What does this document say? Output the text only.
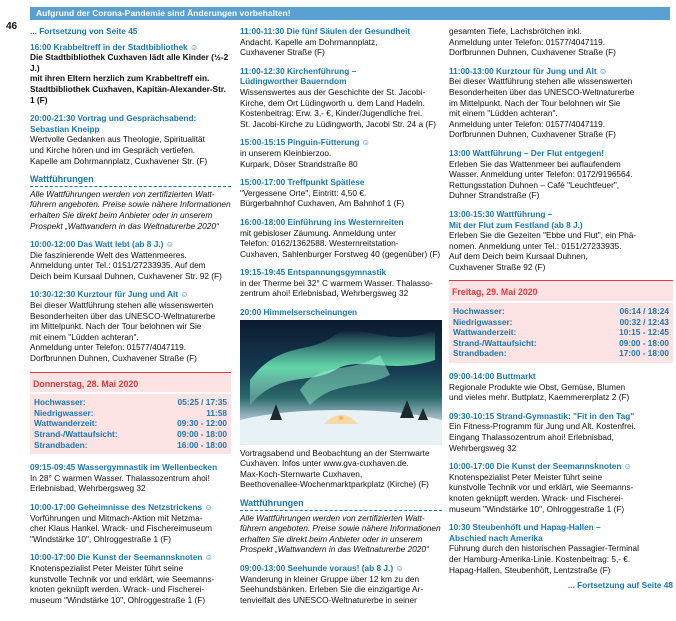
46
Aufgrund der Corona-Pandemie sind Änderungen vorbehalten!

... Fortsetzung von Seite 45

16:00 Krabbeltreff in der Stadtbibliothek ☺

Die Stadtbibliothek Cuxhaven lädt alle Kinder (½-2 J.)

mit ihren Eltern herzlich zum Krabbeltreff ein.

Stadtbibliothek Cuxhaven, Kapitän-Alexander-Str. 1 (F)

20:00-21:30 Vortrag und Gesprächsabend:

Sebastian Kneipp

Wertvolle Gedanken aus Theologie, Spiritualität

und Kirche hören und im Gespräch vertiefen.

Kapelle am Dohrmannplatz, Cuxhavener Str. (F)

Wattführungen

Alle Wattführungen werden von zertifizierten Watt-

führern angeboten. Preise sowie nähere Informationen

erhalten Sie direkt beim Anbieter oder in unserem

Prospekt „Wattwandern in das Weltnaturerbe 2020“

10:00-12:00 Das Watt lebt (ab 8 J.) ☺

Die faszinierende Welt des Wattenmeeres.

Anmeldung unter Tel.: 0151/27233935. Auf dem

Deich beim Kursaal Duhnen, Cuxhavener Str. 92 (F)

10:30-12:30 Kurztour für Jung und Alt ☺

Bei dieser Wattführung stehen alle wissenswerten

Besonderheiten über das UNESCO-Weltnaturerbe

im Mittelpunkt. Nach der Tour belohnen wir Sie

mit einem "Lüdden achteran".

Anmeldung unter Telefon: 01577/4047119.

Dorfbrunnen Duhnen, Cuxhavener Straße (F)

Donnerstag, 28. Mai 2020
Hochwasser:	05:25 / 17:35
Niedrigwasser:	11:58
Wattwanderzeit:	09:30 - 12:00
Strand-/Wattaufsicht:	09:00 - 18:00
Strandbaden:	16:00 - 18:00

09:15-09:45 Wassergymnastik im Wellenbecken

In 28° C warmen Wasser. Thalassozentrum ahoi!

Erlebnisbad, Wehrbergsweg 32

10:00-17:00 Geheimnisse des Netzstrickens ☺

Vorführungen und Mitmach-Aktion mit Netzma-

cher Klaus Hankel. Wrack- und Fischereimuseum

"Windstärke 10", Ohlroggestraße 1 (F)

10:00-17:00 Die Kunst der Seemannsknoten ☺

Knotenspezialist Peter Meister führt seine

kunstvolle Technik vor und erklärt, wie Seemanns-

knoten geknüpft werden. Wrack- und Fischerei-

museum "Windstärke 10", Ohlroggestraße 1 (F)

11:00-11:30 Die fünf Säulen der Gesundheit

Andacht. Kapelle am Dohrmannplatz,

Cuxhavener Straße (F)

11:00-12:30 Kirchenführung –

Lüdingworther Bauerndom

Wissenswertes aus der Geschichte der St. Jacobi-

Kirche, dem Ort Lüdingworth u. dem Land Hadeln.

Kostenbeitrag: Erw. 3,- €, Kinder/Jugendliche frei.

St. Jacobi-Kirche zu Lüdingworth, Jacobi Str. 24 a (F)

15:00-15:15 Pinguin-Fütterung ☺

in unserem Kleinbierzoo.

Kurpark, Döser Strandstraße 80

15:00-17:00 Treffpunkt Spätlese

"Vergessene Orte", Eintritt: 4,50 €.

Bürgerbahnhof Cuxhaven, Am Bahnhof 1 (F)

16:00-18:00 Einführung ins Westernreiten

mit gebisloser Zäumung. Anmeldung unter

Telefon: 0162/1362588. Westernreitstation-

Cuxhaven, Sahlenburger Forstweg 40 (gegenüber) (F)

19:15-19:45 Entspannungsgymnastik

in der Therme bei 32° C warmem Wasser. Thalasso-

zentrum ahoi! Erlebnisbad, Wehrbergsweg 32

20:00 Himmelserscheinungen

Vortragsabend und Beobachtung an der Sternwarte

Cuxhaven. Infos unter www.gva-cuxhaven.de.

Max-Koch-Sternwarte Cuxhaven,

Beethovenallee-Wochenmarktparkplatz (Kirche) (F)

Wattführungen

Alle Wattführungen werden von zertifizierten Watt-

führern angeboten. Preise sowie nähere Informationen

erhalten Sie direkt beim Anbieter oder in unserem

Prospekt „Wattwandern in das Weltnaturerbe 2020“

09:00-13:00 Seehunde voraus! (ab 8 J.) ☺

Wanderung in kleiner Gruppe über 12 km zu den

Seehundsbänken. Erleben Sie die einzigartige Ar-

tenvielfalt des UNESCO-Weltnaturerbe in seiner

gesamten Tiefe, Lachsbrötchen inkl.

Anmeldung unter Telefon: 01577/4047119.

Dorfbrunnen Duhnen, Cuxhavener Straße (F)

11:00-13:00 Kurztour für Jung und Alt ☺

Bei dieser Wattführung stehen alle wissenswerten

Besonderheiten über das UNESCO-Weltnaturerbe

im Mittelpunkt. Nach der Tour belohnen wir Sie

mit einem "Lüdden achteran".

Anmeldung unter Telefon: 01577/4047119.

Dorfbrunnen Duhnen, Cuxhavener Straße (F)

13:00 Wattführung – Der Flut entgegen!

Erleben Sie das Wattenmeer bei auflaufendem

Wasser. Anmeldung unter Telefon: 0172/9196564.

Rettungsstation Duhnen – Café "Leuchtfeuer",

Duhner Strandstraße (F)

13:00-15:30 Wattführung –

Mit der Flut zum Festland (ab 8 J.)

Erleben Sie die Gezeiten "Ebbe und Flut", ein Phä-

nomen. Anmeldung unter Tel.: 0151/27233935.

Auf dem Deich beim Kursaal Duhnen,

Cuxhavener Straße 92 (F)

Freitag, 29. Mai 2020
Hochwasser:	06:14 / 18:24
Niedrigwasser:	00:32 / 12:43
Wattwanderzeit:	10:15 - 12:45
Strand-/Wattaufsicht:	09:00 - 18:00
Strandbaden:	17:00 - 18:00

09:00-14:00 Buttmarkt

Regionale Produkte wie Obst, Gemüse, Blumen

und vieles mehr. Buttplatz, Kaemmererplatz 2 (F)

09:30-10:15 Strand-Gymnastik: "Fit in den Tag"

Ein Fitness-Programm für Jung und Alt. Kostenfrei.

Eingang Thalassozentrum ahoi! Erlebnisbad,

Wehrbergsweg 32

10:00-17:00 Die Kunst der Seemannsknoten ☺

Knotenspezialist Peter Meister führt seine

kunstvolle Technik vor und erklärt, wie Seemanns-

knoten geknüpft werden. Wrack- und Fischerei-

museum "Windstärke 10", Ohlroggestraße 1 (F)

10:30 Steubenhöft und Hapag-Hallen –

Abschied nach Amerika

Führung durch den historischen Passagier-Terminal

der Hamburg-Amerika-Linie. Kostenbeitrag: 5,- €.

Hapag-Hallen, Steubenhöft, Lentzstraße (F)

... Fortsetzung auf Seite 48
